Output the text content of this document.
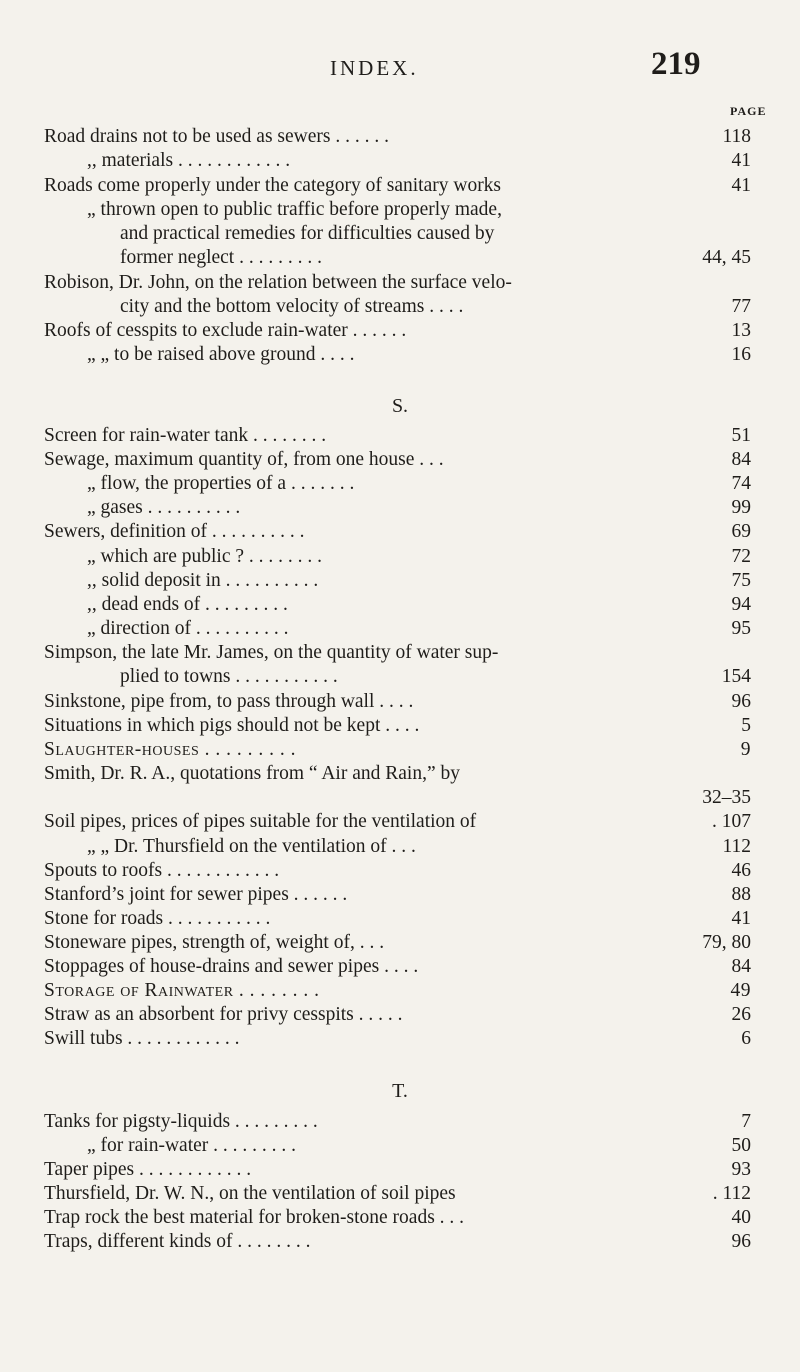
INDEX.	219
PAGE
Road drains not to be used as sewers . . . . . .	118
,, materials . . . . . . . . . . . .	41
Roads come properly under the category of sanitary works	41
„ thrown open to public traffic before properly made,
and practical remedies for difficulties caused by
former neglect . . . . . . . . .	44, 45
Robison, Dr. John, on the relation between the surface velo-
city and the bottom velocity of streams . . . .	77
Roofs of cesspits to exclude rain-water . . . . . .	13
„ „ to be raised above ground . . . .	16
S.
Screen for rain-water tank . . . . . . . .	51
Sewage, maximum quantity of, from one house . . .	84
„ flow, the properties of a . . . . . . .	74
„ gases . . . . . . . . . .	99
Sewers, definition of . . . . . . . . . .	69
„ which are public ? . . . . . . . .	72
,, solid deposit in . . . . . . . . . .	75
,, dead ends of . . . . . . . . .	94
„ direction of . . . . . . . . . .	95
Simpson, the late Mr. James, on the quantity of water sup-
plied to towns . . . . . . . . . . .	154
Sinkstone, pipe from, to pass through wall . . . .	96
Situations in which pigs should not be kept . . . .	5
Slaughter-houses . . . . . . . . .	9
Smith, Dr. R. A., quotations from “ Air and Rain,” by
32–35
Soil pipes, prices of pipes suitable for the ventilation of	. 107
„ „ Dr. Thursfield on the ventilation of . . .	112
Spouts to roofs . . . . . . . . . . . .	46
Stanford’s joint for sewer pipes . . . . . .	88
Stone for roads . . . . . . . . . . .	41
Stoneware pipes, strength of, weight of, . . .	79, 80
Stoppages of house-drains and sewer pipes . . . .	84
Storage of Rainwater . . . . . . . .	49
Straw as an absorbent for privy cesspits . . . . .	26
Swill tubs . . . . . . . . . . . .	6
T.
Tanks for pigsty-liquids . . . . . . . . .	7
„ for rain-water . . . . . . . . .	50
Taper pipes . . . . . . . . . . . .	93
Thursfield, Dr. W. N., on the ventilation of soil pipes	. 112
Trap rock the best material for broken-stone roads . . .	40
Traps, different kinds of . . . . . . . .	96
